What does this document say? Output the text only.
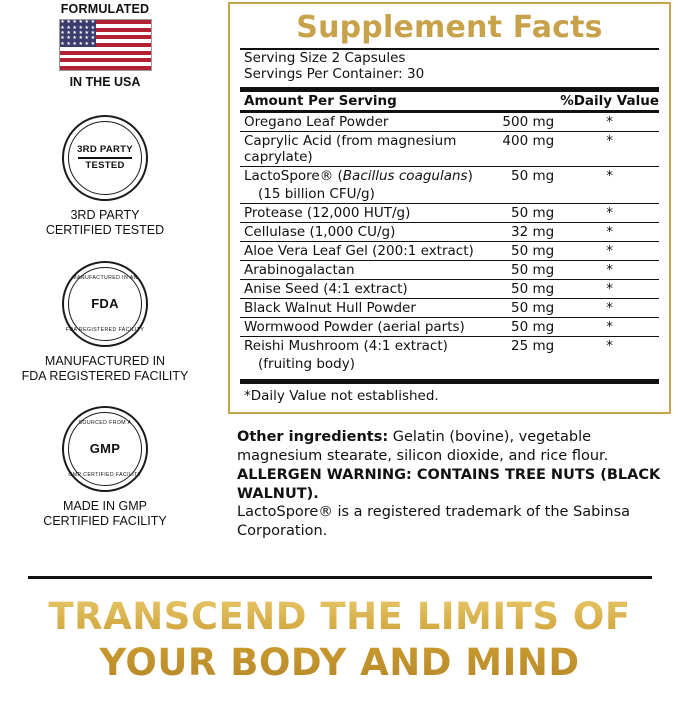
FORMULATED
★ ★ ★ ★ ★ ★
★ ★ ★ ★ ★ ★
★ ★ ★ ★ ★ ★
★ ★ ★ ★ ★ ★
★ ★ ★ ★ ★ ★
IN THE USA
3RD PARTY
TESTED
3RD PARTY
CERTIFIED TESTED
MANUFACTURED IN AN
FDA
FDA REGISTERED FACILITY
MANUFACTURED IN
FDA REGISTERED FACILITY
SOURCED FROM A
GMP
GMP CERTIFIED FACILITY
MADE IN GMP
CERTIFIED FACILITY
Supplement Facts
Serving Size 2 Capsules
Servings Per Container: 30
Amount Per Serving		%Daily Value

Oregano Leaf Powder	500 mg	*
Caprylic Acid (from magnesium caprylate)	400 mg	*
LactoSpore® (Bacillus coagulans)	50 mg	*
(15 billion CFU/g)		
Protease (12,000 HUT/g)	50 mg	*
Cellulase (1,000 CU/g)	32 mg	*
Aloe Vera Leaf Gel (200:1 extract)	50 mg	*
Arabinogalactan	50 mg	*
Anise Seed (4:1 extract)	50 mg	*
Black Walnut Hull Powder	50 mg	*
Wormwood Powder (aerial parts)	50 mg	*
Reishi Mushroom (4:1 extract)	25 mg	*
(fruiting body)		
*Daily Value not established.
Other ingredients: Gelatin (bovine), vegetable magnesium stearate, silicon dioxide, and rice flour.
ALLERGEN WARNING: CONTAINS TREE NUTS (BLACK WALNUT).
LactoSpore® is a registered trademark of the Sabinsa Corporation.
TRANSCEND THE LIMITS OF
YOUR BODY AND MIND
